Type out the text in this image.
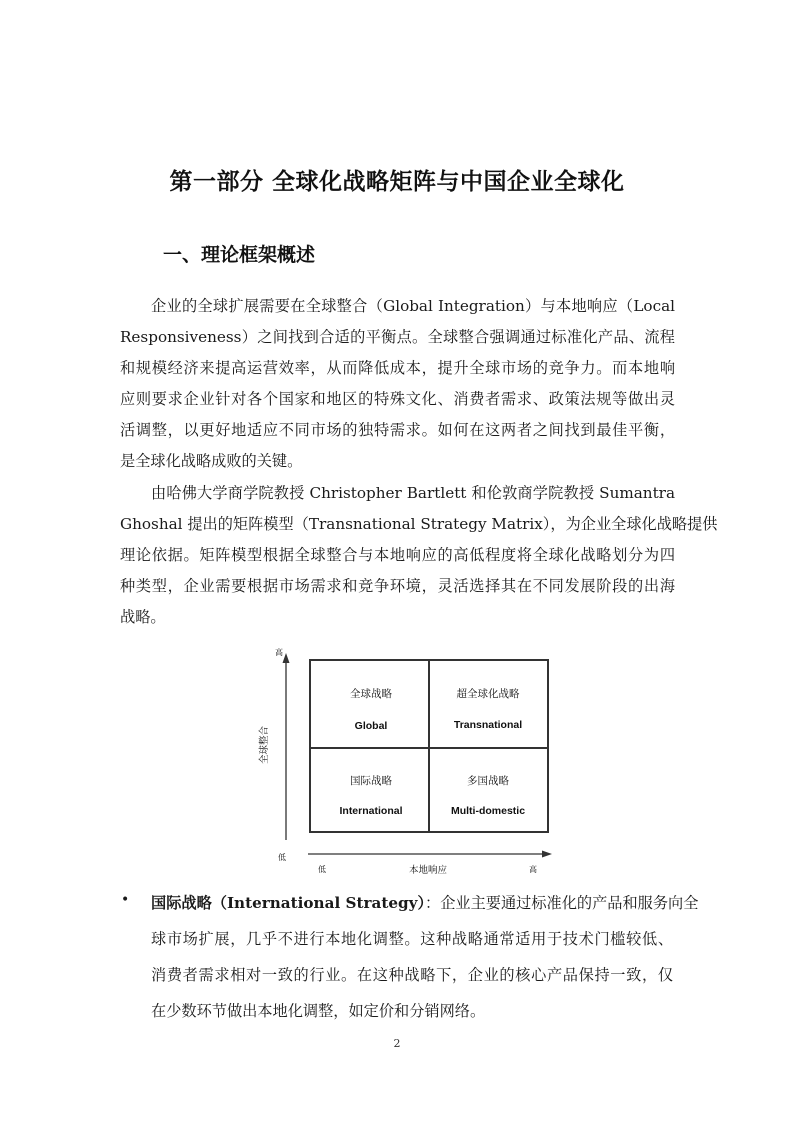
第一部分 全球化战略矩阵与中国企业全球化
一、理论框架概述
企业的全球扩展需要在全球整合（Global Integration）与本地响应（Local
Responsiveness）之间找到合适的平衡点。全球整合强调通过标准化产品、流程
和规模经济来提高运营效率，从而降低成本，提升全球市场的竞争力。而本地响
应则要求企业针对各个国家和地区的特殊文化、消费者需求、政策法规等做出灵
活调整，以更好地适应不同市场的独特需求。如何在这两者之间找到最佳平衡，
是全球化战略成败的关键。
由哈佛大学商学院教授 Christopher Bartlett 和伦敦商学院教授 Sumantra
Ghoshal 提出的矩阵模型（Transnational Strategy Matrix），为企业全球化战略提供
理论依据。矩阵模型根据全球整合与本地响应的高低程度将全球化战略划分为四
种类型，企业需要根据市场需求和竞争环境，灵活选择其在不同发展阶段的出海
战略。
高
低
低	高
本地响应
全球整合
全球战略
Global
超全球化战略
Transnational
国际战略
International
多国战略
Multi-domestic
• 国际战略（International Strategy）：企业主要通过标准化的产品和服务向全
球市场扩展，几乎不进行本地化调整。这种战略通常适用于技术门槛较低、
消费者需求相对一致的行业。在这种战略下，企业的核心产品保持一致，仅
在少数环节做出本地化调整，如定价和分销网络。
2
